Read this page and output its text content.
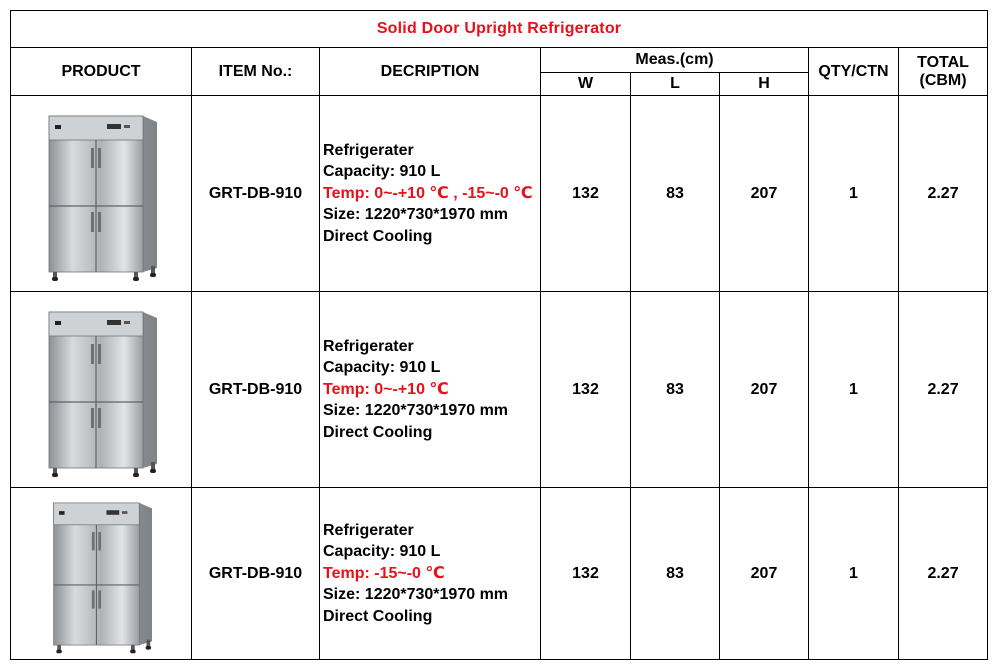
Solid Door Upright Refrigerator							
PRODUCT	ITEM No.:	DECRIPTION	Meas.(cm)			QTY/CTN	TOTAL
(CBM)
			W	L	H		

	GRT-DB-910	Refrigerater
Capacity: 910 L
Temp: 0~-+10 ℃ , -15~-0 ℃
Size: 1220*730*1970 mm
Direct Cooling	132	83	207	1	2.27

	GRT-DB-910	Refrigerater
Capacity: 910 L
Temp: 0~-+10 ℃
Size: 1220*730*1970 mm
Direct Cooling	132	83	207	1	2.27

	GRT-DB-910	Refrigerater
Capacity: 910 L
Temp: -15~-0 ℃
Size: 1220*730*1970 mm
Direct Cooling	132	83	207	1	2.27
